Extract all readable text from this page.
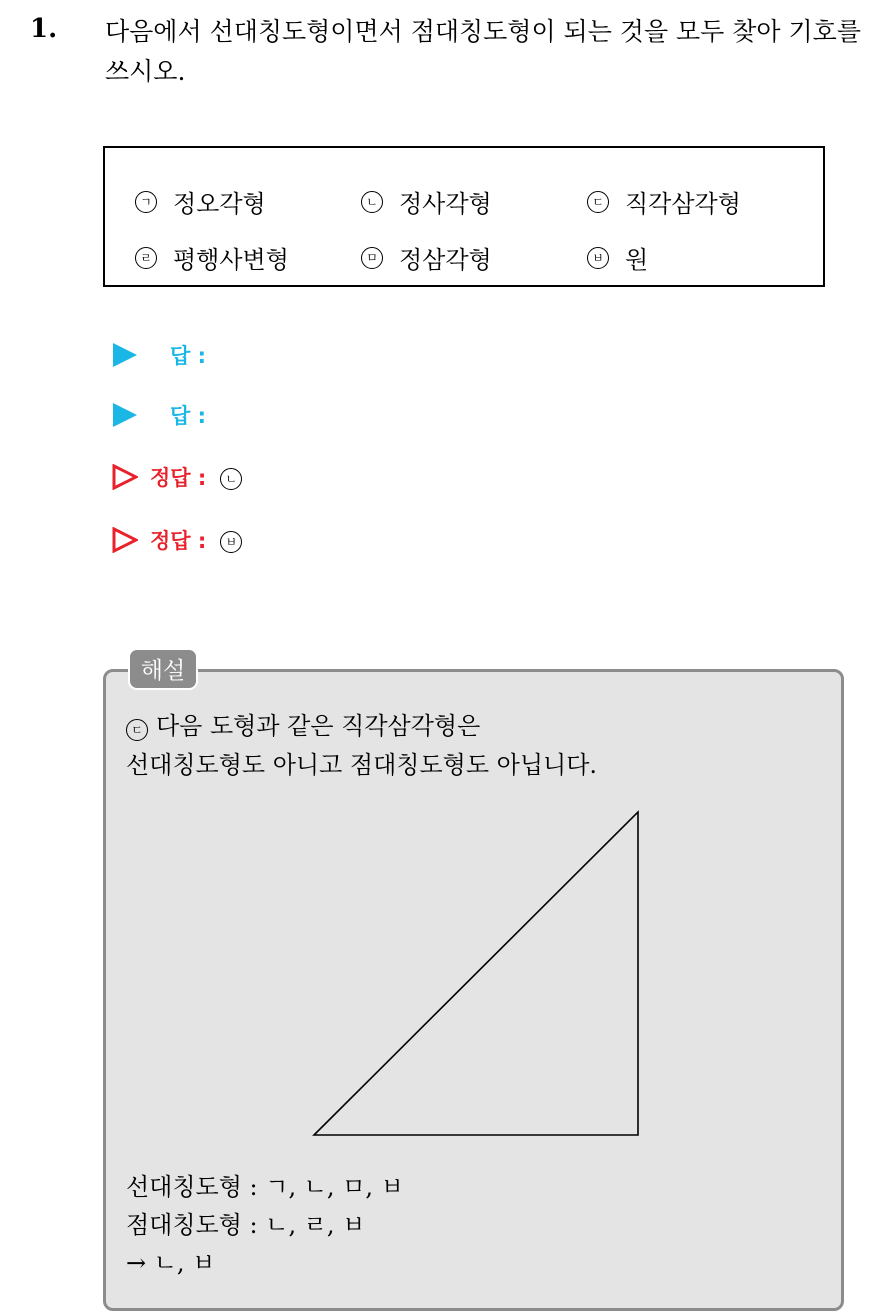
1. 다음에서 선대칭도형이면서 점대칭도형이 되는 것을 모두 찾아 기호를 쓰시오.
ㄱ 정오각형	ㄴ 정사각형	ㄷ 직각삼각형
ㄹ 평행사변형	ㅁ 정삼각형	ㅂ 원
답 :
답 :
정답 :	ㄴ
정답 :	ㅂ
해설
ㄷ 다음 도형과 같은 직각삼각형은
선대칭도형도 아니고 점대칭도형도 아닙니다.
선대칭도형 : ㄱ, ㄴ, ㅁ, ㅂ
점대칭도형 : ㄴ, ㄹ, ㅂ
→ ㄴ, ㅂ
